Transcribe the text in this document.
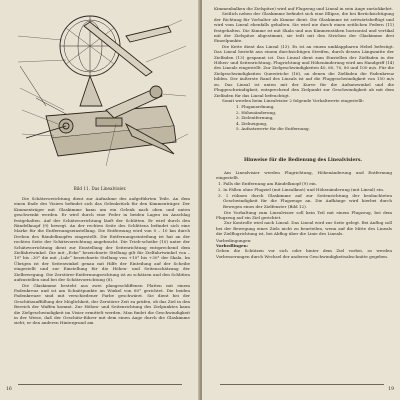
Bild 11. Das Linealvisier.

Die Schätzvorrichtung dient zur Aufnahme des aufgeführten Teile. An dem einen Ende des Visiers befindet sich das Gelenkstück für den Kimmenträger. Der Kimmenträger mit Glaskimme kann um ein Gelenk nach oben und unten geschwenkt werden. Er wird durch eine Feder in beiden Lagen im Anschlag festgehalten. Auf der Schätzvorrichtung läuft der Schlitten. Er wird durch den Rändelknopf (9) bewegt. An der rechten Seite des Schlittens befindet sich eine Marke für die Entfernungseinstellung. Die Entfernung wird von 0 – 10 km durch Drehen des Rändelknopfes eingestellt. Die Entfernungseinteilung ist hat an der rechten Seite der Schätzvorrichtung angebracht. Die Trieb-scheibe (10) unter der Schätzvorrichtung dient zur Einstellung der Seitenrichtung entsprechend dem Zielfahrtwinkel. Die mit „Ecke“ bezeichnete Stellung gilt für Zielfahrtwinkel von –10° bis –30° die mit „Lule“ bezeichnete Stellung von +10° bis +30° der Skala. Im Übrigen ist der Seitenwinkel genau mit Hilfe der Einteilung auf der Scheibe eingestellt und zur Einstellung für die Höhen- und Seitenschätzung der Zielbewegung. Die Zerstörer-Entfernungsrichtung ist zu schätzen und den Schlitten aufzustellen sind bei der Schätzvorrichtung (8).

Die Glaskimme besteht aus zwei plangeschliffenen Platten mit einem Fadenkreuz und ist am Schnittpunkte im Winkel von 60° gerichtet. Die beiden Fadenkreuze sind mit verschiedener Farbe geschwärzt. Sie dient bei der Geschützauffüllung der Möglichkeit, der Zerstörer Zeit zu prüfen, ob das Ziel in den Bereich der Waffen kommt. Zur Höhen- und Seitenrichtung des Zielpunktes kann die Zielgeschwindigkeit im Visier ermittelt werden. Man findet die Geschwindigkeit in der Weise, daß der Geschütz-führer mit dem einen Auge durch die Glaskimme sieht; er den anderen Hintergrund am

16

Kimmenbalken die Zielspitze) wird auf Flugzeug und Lineal in sein Auge zurückkehrt.

Seitlich neben der Glaskimme befindet sich eine Ellipse, die bei Berücksichtigung der Richtung für Vorhalter als Kimme dient. Die Glaskimme ist seitwärtsbeflügt und wird vom Lineal ebenfalls gehalten. Sie wird nie durch einen seitlichen Federn (11) festgehalten. Die Kimme ist mit Skala und aus Kimmenstäben horizontal und vertikal mit der Zielspitze abgestimmt, sie teilt mit den Strichen der Glaskimme drei Einzelpunkte.

Die Kette dient das Lineal (13). Es ist an einem umklappbaren Hebel befestigt. Das Lineal besteht aus einem durchsichtigen Streifen, durch dessen Längsmitte der Zielfaden (13) gespannt ist. Das Lineal dient zum Einstellen der Zielfaden in der Höhen- und Seitenrichtung. Flugrichtung und Höhenänderung wird am Handgriff (14) des Lineals eingestellt. Zur Zielgeschwindigkeiten 40, 60, 70, 80 und 100 m/s. Für die Zielgeschwindigkeiten Querstriche (16), an denen die Zielfaden die Fadenkreuz bilden. Der äußerste Rand des Lineals ist auf die Fluggeschwindigkeit von 150 m/s zu. Das Lineal ist unten mit der Kurve für die Aufsatzwinkel und die Fluggeschwindigkeit, entsprechend den Zielpunkt zur Geschwindigkeit ab mit dem Zielfaden für das Lineal befeuchtigt.

Somit werden beim Linealvisier 2 folgende Vorhaltwerte eingestellt:

1. Fluganordnung,
2. Höhenänderung,
3. Zielentfernung,
4. Zielneigung,
5. Aufsatzwerte für die Entfernung.
Hinweise für die Bedienung des Linealvisiers.

Am Linealvisier werden Flugrichtung, Höhenänderung und Entfernung eingestellt.

1. Falls die Entfernung am Rändelknopf (9) ein.

2. In Fällen ohne Flugziel (mit Linealknot) und Höhenänderung (mit Lineal) ein.

3. I rühnen durch Glaskimme auf zur Seitenrichtung der beobachteten Geschwindigkeit für die Flugzeuge an. Die Aufhänge wird hierbei durch Bewegen eines der Zielfenster (Bild 12).

Die Vorhaltung zum Linealvisier soll kein Teil mit einem Flugzeug, bei dem Flugzeug auf ein Ziel gerichtet.

Zur Kontrolle wird nach Lineal. Das Lineal wird zur Seite gelegt. Bei Anflug soll bei der Bewegung eines Ziels nicht zu beurteilen, wenn auf die Mitte des Lineals die Zielflugrichtung ist, bei Abflug über die Linie des Lineals.

Vorbedingungen:

Vorbedlingen:

Gehen die Schützen vor sich oder hinter dem Ziel vorbei, so werden Vorbesserungen durch Wechsel der anderen Geschwindigkeitsabschnitte gegeben.

19
